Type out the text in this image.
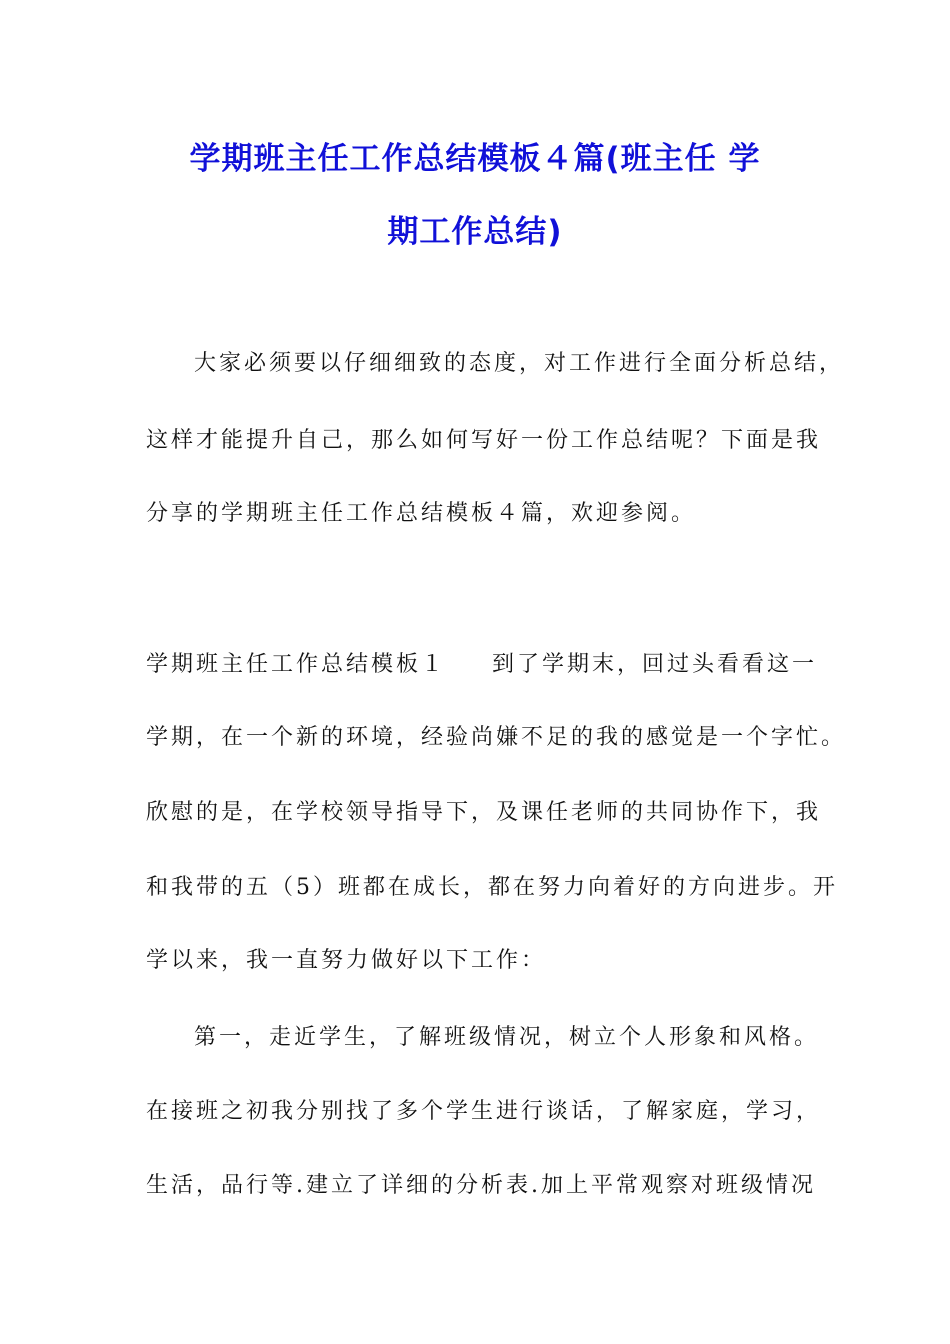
学期班主任工作总结模板４篇(班主任 学
期工作总结)
大家必须要以仔细细致的态度，对工作进行全面分析总结，
这样才能提升自己，那么如何写好一份工作总结呢？下面是我
分享的学期班主任工作总结模板４篇，欢迎参阅。
学期班主任工作总结模板１ 到了学期末，回过头看看这一
学期，在一个新的环境，经验尚嫌不足的我的感觉是一个字忙。
欣慰的是，在学校领导指导下，及课任老师的共同协作下，我
和我带的五（5）班都在成长，都在努力向着好的方向进步。开
学以来，我一直努力做好以下工作：
第一，走近学生，了解班级情况，树立个人形象和风格。
在接班之初我分别找了多个学生进行谈话，了解家庭，学习，
生活，品行等.建立了详细的分析表.加上平常观察对班级情况
